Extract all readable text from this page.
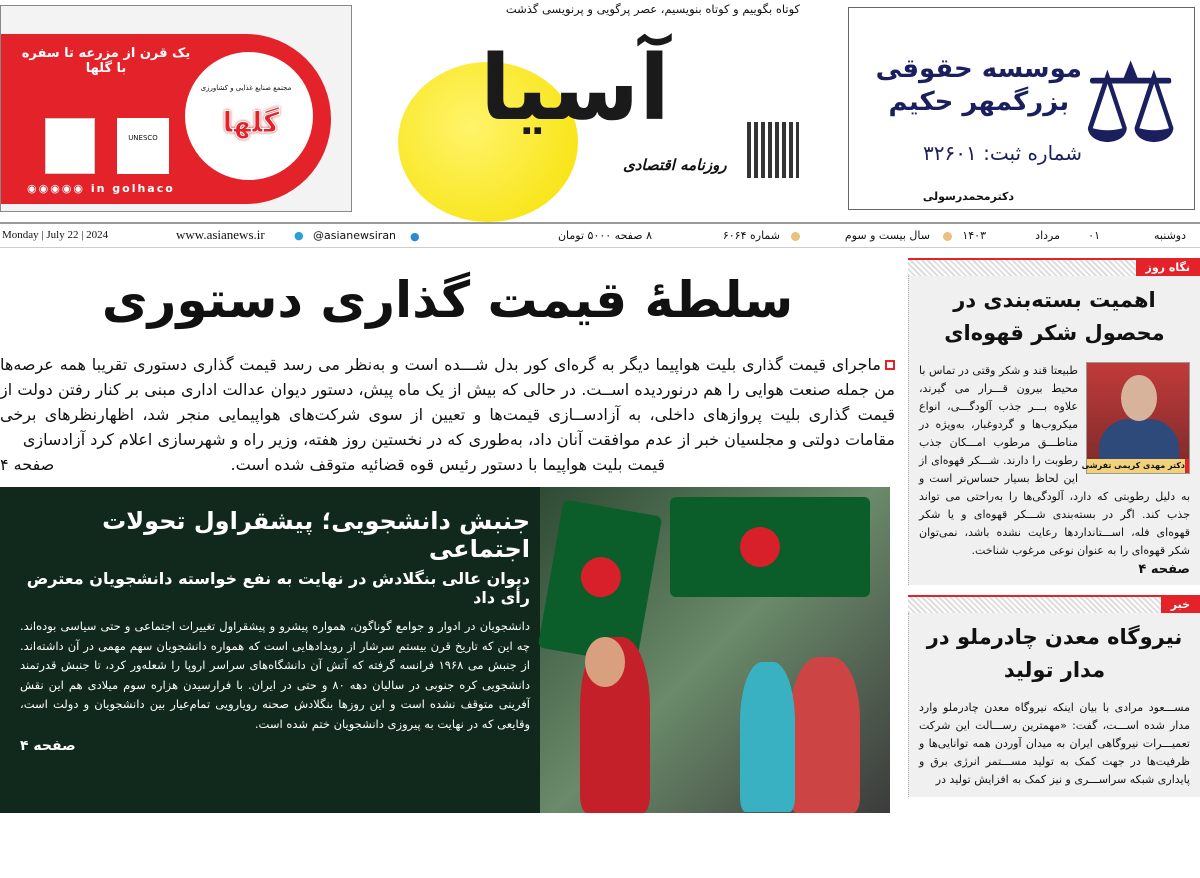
یک قرن از مزرعه تا سفره با گلها
مجتمع صنایع غذایی و کشاورزی
گلها
UNESCO
◉◉◉◉◉ in golhaco
آسیا
کوتاه بگوییم و کوتاه بنویسیم، عصر پرگویی و پرنویسی گذشت
روزنامه اقتصادی	⚖
موسسه حقوقی
بزرگمهر حکیم
شماره ثبت: ۳۲۶۰۱
دکترمحمدرسولی
دوشنبه
۰۱
مرداد
۱۴۰۳
سال بیست و سوم
شماره ۶۰۶۴
۸ صفحه ۵۰۰۰ تومان
●
@asianewsiran
●
www.asianews.ir
Monday | July 22 | 2024
سلطهٔ قیمت گذاری دستوری
ماجرای قیمت گذاری بلیت هواپیما دیگر به گره‌ای کور بدل شـــده است و به‌نظر می رسد قیمت گذاری دستوری تقریبا همه عرصه‌ها من جمله صنعت هوایی را هم درنوردیده اســت. در حالی که بیش از یک ماه پیش، دستور دیوان عدالت اداری مبنی بر کنار رفتن دولت از قیمت گذاری بلیت پروازهای داخلی، به آزادســازی قیمت‌ها و تعیین از سوی شرکت‌های هواپیمایی منجر شد، اظهارنظرهای برخی مقامات دولتی و مجلسیان خبر از عدم موافقت آنان داد، به‌طوری که در نخستین روز هفته، وزیر راه و شهرسازی اعلام کرد آزادسازی
قیمت بلیت هواپیما با دستور رئیس قوه قضائیه متوقف شده است.
صفحه ۴
جنبش دانشجویی؛ پیشقراول تحولات اجتماعی
دیوان عالی بنگلادش در نهایت به نفع خواسته دانشجویان معترض رأی داد

دانشجویان در ادوار و جوامع گوناگون، همواره پیشرو و پیشقراول تغییرات اجتماعی و حتی سیاسی بوده‌اند. چه این که تاریخ قرن بیستم سرشار از رویدادهایی است که همواره دانشجویان سهم مهمی در آن داشته‌اند. از جنبش می ۱۹۶۸ فرانسه گرفته که آتش آن دانشگاه‌های سراسر اروپا را شعله‌ور کرد، تا جنبش قدرتمند دانشجویی کره جنوبی در سالیان دهه ۸۰ و حتی در ایران. با فرارسیدن هزاره سوم میلادی هم این نقش آفرینی متوقف نشده است و این روزها بنگلادش صحنه رویارویی تمام‌عیار بین دانشجویان و دولت است، وقایعی که در نهایت به پیروزی دانشجویان ختم شده است.

صفحه ۴
نگاه روز
اهمیت بسته‌بندی در محصول شکر قهوه‌ای
دکتر مهدی کریمی تفرشی

طبیعتا قند و شکر وقتی در تماس با محیط بیرون قـــرار می گیرند، علاوه بـــر جذب آلودگـــی، انواع میکروب‌ها و گردوغبار، به‌ویژه در مناطـــق مرطوب امـــکان جذب رطوبت را دارند. شـــکر قهوه‌ای از این لحاظ بسیار حساس‌تر است و به دلیل رطوبتی که دارد، آلودگی‌ها را به‌راحتی می تواند جذب کند. اگر در بسته‌بندی شـــکر قهوه‌ای و یا شکر قهوه‌ای فله، اســـتانداردها رعایت نشده باشد، نمی‌توان شکر قهوه‌ای را به عنوان نوعی مرغوب شناخت.

صفحه ۴
خبر
نیروگاه معدن چادرملو در مدار تولید

مســـعود مرادی با بیان اینکه نیروگاه معدن چادرملو وارد مدار شده اســـت، گفت: «مهمترین رســـالت این شرکت تعمیـــرات نیروگاهی ایران به میدان آوردن همه توانایی‌ها و ظرفیت‌ها در جهت کمک به تولید مســـتمر انرژی برق و پایداری شبکه سراســـری و نیز کمک به افزایش تولید در
